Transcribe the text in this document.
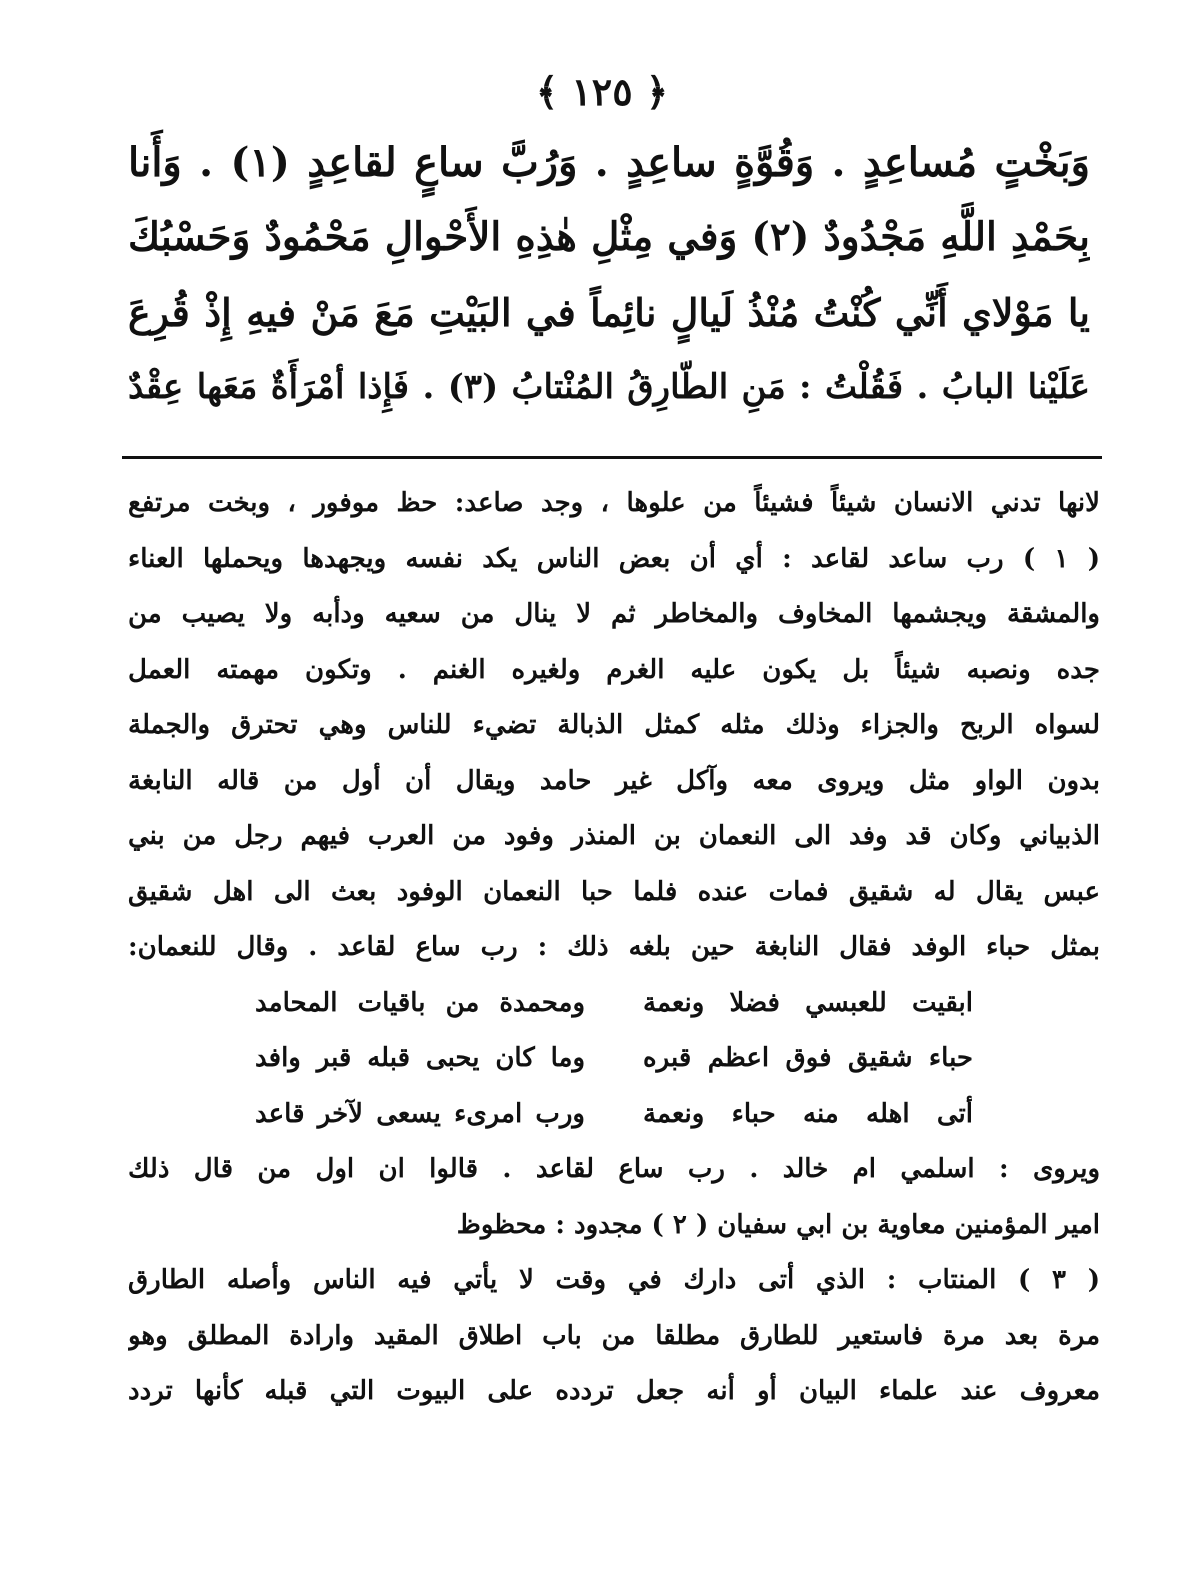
﴿ ١٢٥ ﴾
وَبَخْتٍ مُساعِدٍ . وَقُوَّةٍ ساعِدٍ . وَرُبَّ ساعٍ لقاعِدٍ (١) . وَأَنا
بِحَمْدِ اللَّهِ مَجْدُودٌ (٢) وَفي مِثْلِ هٰذِهِ الأَحْوالِ مَحْمُودٌ وَحَسْبُكَ
يا مَوْلاي أَنِّي كُنْتُ مُنْذُ لَيالٍ نائِماً في البَيْتِ مَعَ مَنْ فيهِ إِذْ قُرِعَ
عَلَيْنا البابُ . فَقُلْتُ : مَنِ الطّارِقُ المُنْتابُ (٣) . فَإِذا أمْرَأَةٌ مَعَها عِقْدٌ
لانها تدني الانسان شيئاً فشيئاً من علوها ، وجد صاعد: حظ موفور ، وبخت مرتفع
( ١ ) رب ساعد لقاعد : أي أن بعض الناس يكد نفسه ويجهدها ويحملها العناء
والمشقة ويجشمها المخاوف والمخاطر ثم لا ينال من سعيه ودأبه ولا يصيب من
جده ونصبه شيئاً بل يكون عليه الغرم ولغيره الغنم . وتكون مهمته العمل
لسواه الربح والجزاء وذلك مثله كمثل الذبالة تضيء للناس وهي تحترق والجملة
بدون الواو مثل ويروى معه وآكل غير حامد ويقال أن أول من قاله النابغة
الذبياني وكان قد وفد الى النعمان بن المنذر وفود من العرب فيهم رجل من بني
عبس يقال له شقيق فمات عنده فلما حبا النعمان الوفود بعث الى اهل شقيق
بمثل حباء الوفد فقال النابغة حين بلغه ذلك : رب ساع لقاعد . وقال للنعمان:
ابقيت للعبسي فضلا ونعمة
ومحمدة من باقيات المحامد
حباء شقيق فوق اعظم قبره
وما كان يحبى قبله قبر وافد
أتى اهله منه حباء ونعمة
ورب امرىء يسعى لآخر قاعد
ويروى : اسلمي ام خالد . رب ساع لقاعد . قالوا ان اول من قال ذلك
امير المؤمنين معاوية بن ابي سفيان ( ٢ ) مجدود : محظوظ
( ٣ ) المنتاب : الذي أتى دارك في وقت لا يأتي فيه الناس وأصله الطارق
مرة بعد مرة فاستعير للطارق مطلقا من باب اطلاق المقيد وارادة المطلق وهو
معروف عند علماء البيان أو أنه جعل تردده على البيوت التي قبله كأنها تردد
